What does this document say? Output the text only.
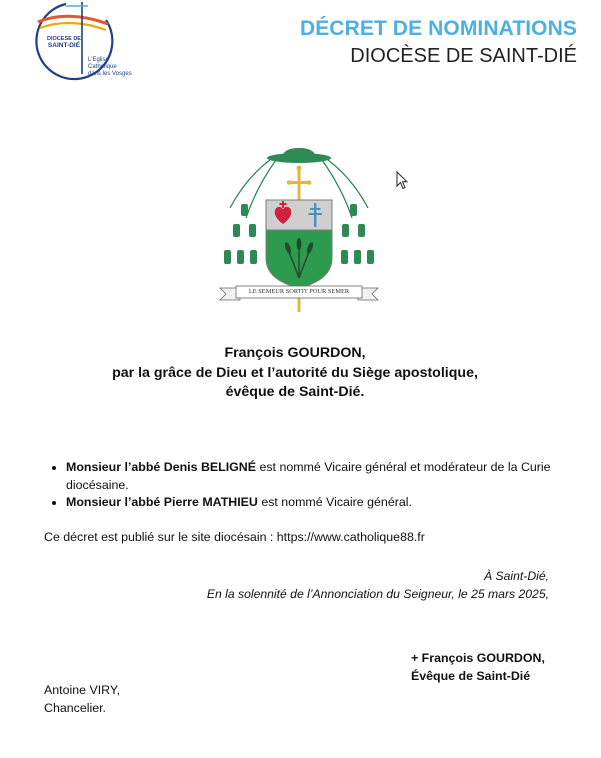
DIOCESE DE
SAINT-DIÉ
L'Eglise
Catholique
dans les Vosges
DÉCRET DE NOMINATIONS
DIOCÈSE DE SAINT-DIÉ
LE SEMEUR SORTIT POUR SEMER
François GOURDON,
par la grâce de Dieu et l’autorité du Siège apostolique,
évêque de Saint-Dié.
Monsieur l’abbé Denis BELIGNÉ est nommé Vicaire général et modérateur de la Curie diocésaine.
Monsieur l’abbé Pierre MATHIEU est nommé Vicaire général.
Ce décret est publié sur le site diocésain : https://www.catholique88.fr
À Saint-Dié,
En la solennité de l’Annonciation du Seigneur, le 25 mars 2025,
+ François GOURDON,
Évêque de Saint-Dié
Antoine VIRY,
Chancelier.
